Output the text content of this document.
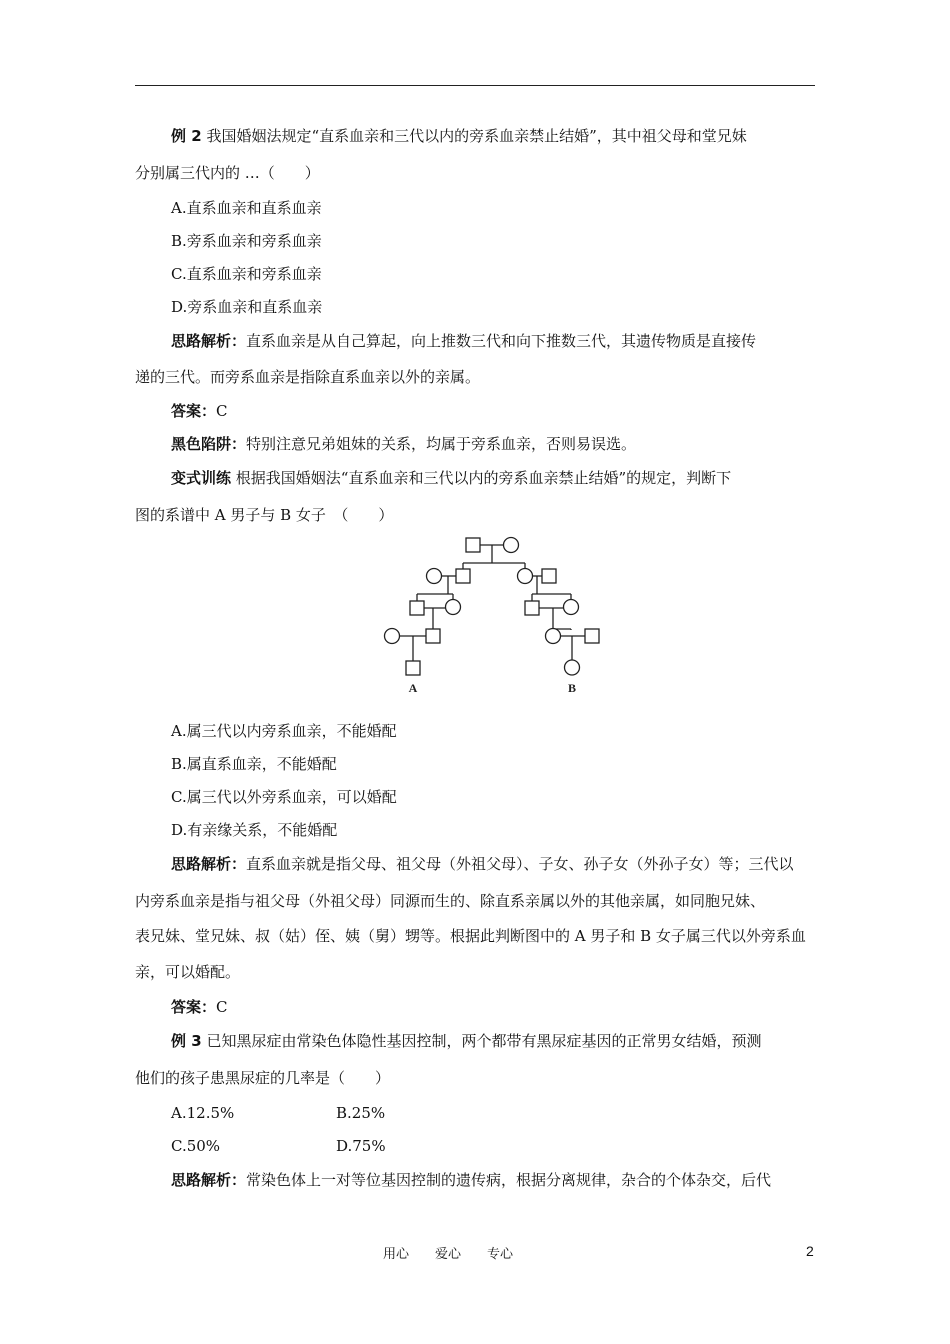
例 2 我国婚姻法规定“直系血亲和三代以内的旁系血亲禁止结婚”，其中祖父母和堂兄妹
分别属三代内的 …（　　）
A.直系血亲和直系血亲
B.旁系血亲和旁系血亲
C.直系血亲和旁系血亲
D.旁系血亲和直系血亲
思路解析：直系血亲是从自己算起，向上推数三代和向下推数三代，其遗传物质是直接传
递的三代。而旁系血亲是指除直系血亲以外的亲属。
答案：C
黑色陷阱：特别注意兄弟姐妹的关系，均属于旁系血亲，否则易误选。
变式训练 根据我国婚姻法“直系血亲和三代以内的旁系血亲禁止结婚”的规定，判断下
图的系谱中 A 男子与 B 女子　（　　）
A	B
A.属三代以内旁系血亲，不能婚配
B.属直系血亲，不能婚配
C.属三代以外旁系血亲，可以婚配
D.有亲缘关系，不能婚配
思路解析：直系血亲就是指父母、祖父母（外祖父母）、子女、孙子女（外孙子女）等；三代以
内旁系血亲是指与祖父母（外祖父母）同源而生的、除直系亲属以外的其他亲属，如同胞兄妹、
表兄妹、堂兄妹、叔（姑）侄、姨（舅）甥等。根据此判断图中的 A 男子和 B 女子属三代以外旁系血
亲，可以婚配。
答案：C
例 3 已知黑尿症由常染色体隐性基因控制，两个都带有黑尿症基因的正常男女结婚，预测
他们的孩子患黑尿症的几率是（　　）
A.12.5%	B.25%
C.50%	D.75%
思路解析：常染色体上一对等位基因控制的遗传病，根据分离规律，杂合的个体杂交，后代
用心　　爱心　　专心	2
